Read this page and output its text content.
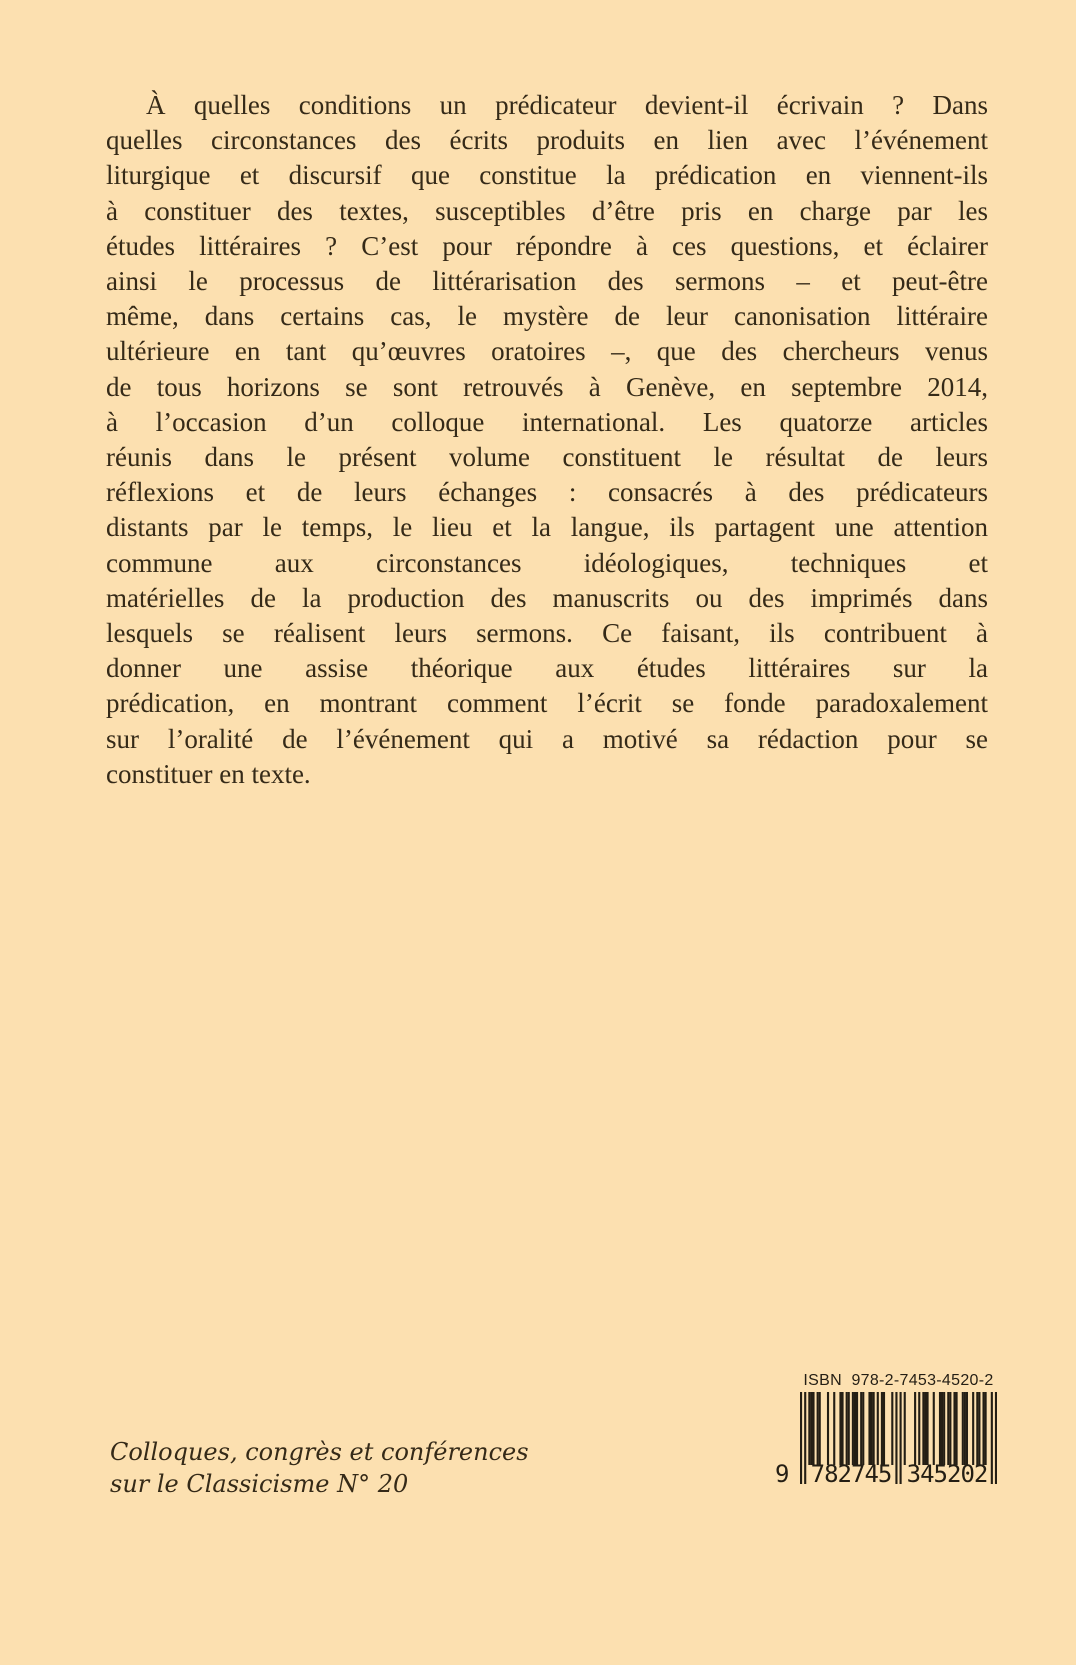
À quelles conditions un prédicateur devient-il écrivain ? Dans
quelles circonstances des écrits produits en lien avec l’événement
liturgique et discursif que constitue la prédication en viennent-ils
à constituer des textes, susceptibles d’être pris en charge par les
études littéraires ? C’est pour répondre à ces questions, et éclairer
ainsi le processus de littérarisation des sermons – et peut-être
même, dans certains cas, le mystère de leur canonisation littéraire
ultérieure en tant qu’œuvres oratoires –, que des chercheurs venus
de tous horizons se sont retrouvés à Genève, en septembre 2014,
à l’occasion d’un colloque international. Les quatorze articles
réunis dans le présent volume constituent le résultat de leurs
réflexions et de leurs échanges : consacrés à des prédicateurs
distants par le temps, le lieu et la langue, ils partagent une attention
commune aux circonstances idéologiques, techniques et
matérielles de la production des manuscrits ou des imprimés dans
lesquels se réalisent leurs sermons. Ce faisant, ils contribuent à
donner une assise théorique aux études littéraires sur la
prédication, en montrant comment l’écrit se fonde paradoxalement
sur l’oralité de l’événement qui a motivé sa rédaction pour se
constituer en texte.
Colloques, congrès et conférences
sur le Classicisme N° 20
ISBN  978-2-7453-4520-2
9 782745 345202
